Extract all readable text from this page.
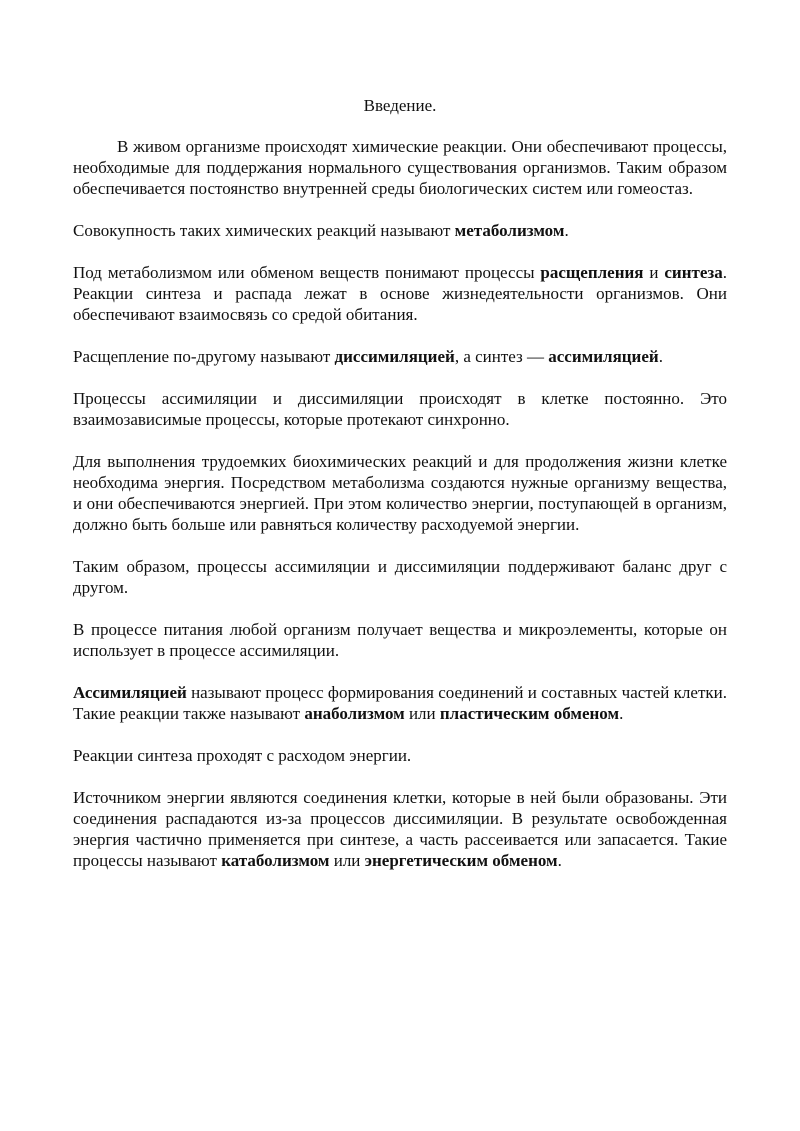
Введение.

В живом организме происходят химические реакции. Они обеспечивают процессы, необходимые для поддержания нормального существования организмов. Таким образом обеспечивается постоянство внутренней среды биологических систем или гомеостаз.

Совокупность таких химических реакций называют метаболизмом.

Под метаболизмом или обменом веществ понимают процессы расщепления и синтеза. Реакции синтеза и распада лежат в основе жизнедеятельности организмов. Они обеспечивают взаимосвязь со средой обитания.

Расщепление по-другому называют диссимиляцией, а синтез — ассимиляцией.

Процессы ассимиляции и диссимиляции происходят в клетке постоянно. Это взаимозависимые процессы, которые протекают синхронно.

Для выполнения трудоемких биохимических реакций и для продолжения жизни клетке необходима энергия. Посредством метаболизма создаются нужные организму вещества, и они обеспечиваются энергией. При этом количество энергии, поступающей в организм, должно быть больше или равняться количеству расходуемой энергии.

Таким образом, процессы ассимиляции и диссимиляции поддерживают баланс друг с другом.

В процессе питания любой организм получает вещества и микроэлементы, которые он использует в процессе ассимиляции.

Ассимиляцией называют процесс формирования соединений и составных частей клетки. Такие реакции также называют анаболизмом или пластическим обменом.

Реакции синтеза проходят с расходом энергии.

Источником энергии являются соединения клетки, которые в ней были образованы. Эти соединения распадаются из-за процессов диссимиляции. В результате освобожденная энергия частично применяется при синтезе, а часть рассеивается или запасается. Такие процессы называют катаболизмом или энергетическим обменом.
